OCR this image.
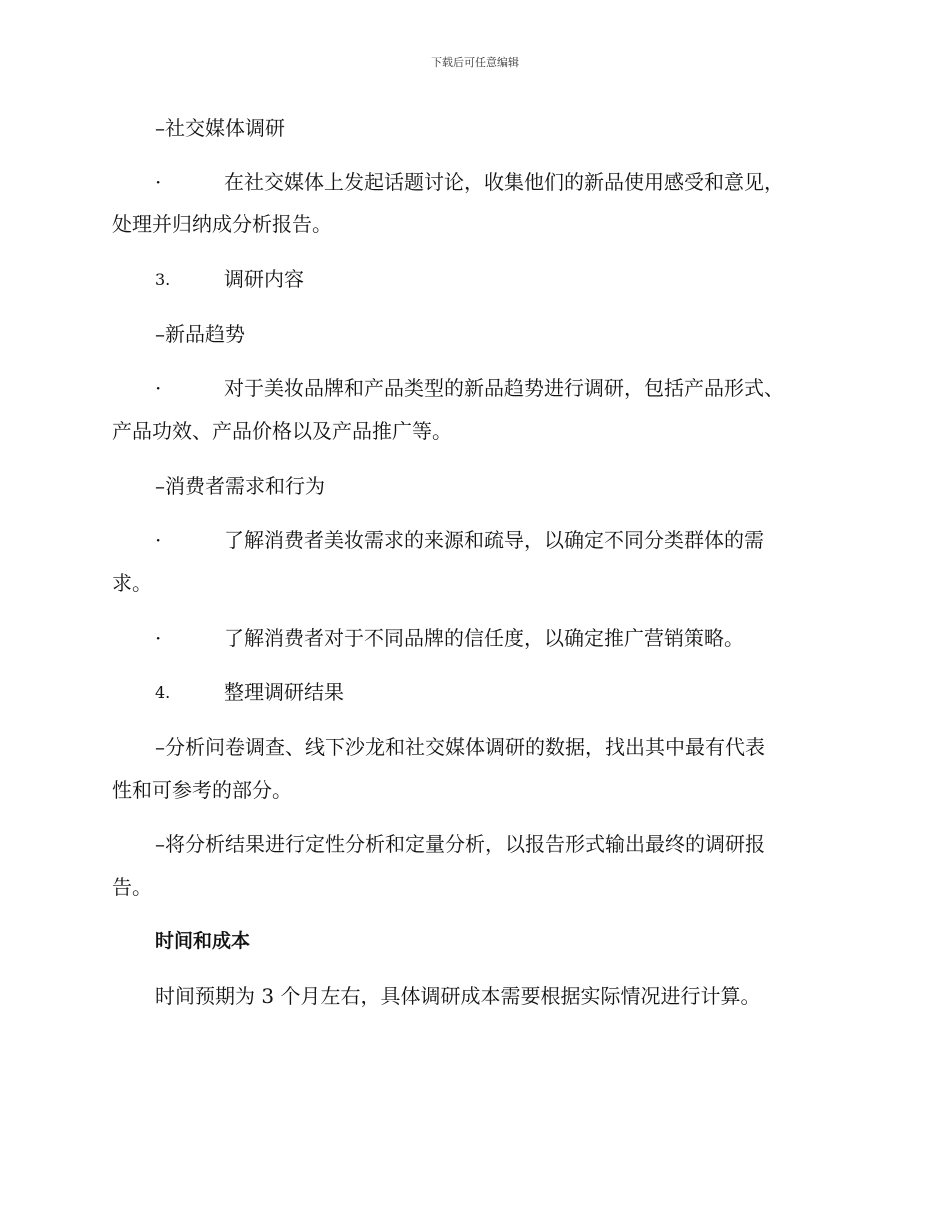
下载后可任意编辑
–社交媒体调研
·	在社交媒体上发起话题讨论，收集他们的新品使用感受和意见，
处理并归纳成分析报告。
3.	调研内容
–新品趋势
·	对于美妆品牌和产品类型的新品趋势进行调研，包括产品形式、
产品功效、产品价格以及产品推广等。
–消费者需求和行为
·	了解消费者美妆需求的来源和疏导，以确定不同分类群体的需
求。
·	了解消费者对于不同品牌的信任度，以确定推广营销策略。
4.	整理调研结果
–分析问卷调查、线下沙龙和社交媒体调研的数据，找出其中最有代表
性和可参考的部分。
–将分析结果进行定性分析和定量分析，以报告形式输出最终的调研报
告。
时间和成本
时间预期为 3 个月左右，具体调研成本需要根据实际情况进行计算。
